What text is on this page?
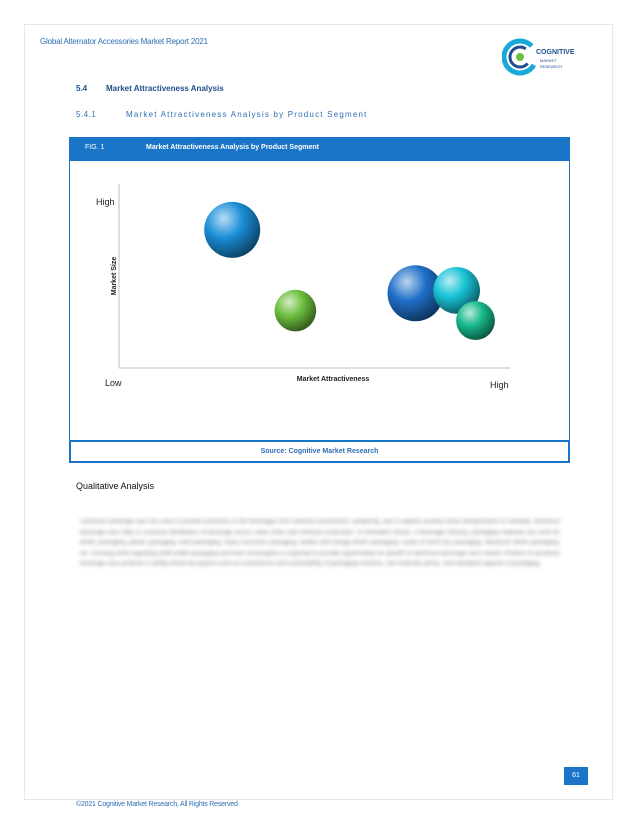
Global Alternator Accessories Market Report 2021
COGNITIVE
MARKET
RESEARCH
5.4 Market Attractiveness Analysis
5.4.1	Market Attractiveness Analysis by Product Segment
FIG. 1	Market Attractiveness Analysis by Product Segment
High
Low	High
Market Attractiveness
Market Size
Source: Cognitive Market Research
Qualitative Analysis
Aluminum beverage cans are used to provide protection to the beverages from external environment, tampering, and it supports product while transportation or handling. Aluminum beverage cans help to conserve distribution of beverage across value chain and minimize production. In laminated means, it beverage industry, packaging materials are used for drinks packaging, plastic packaging, food packaging, many consumer packaging, bottles and energy drinks packaging. Leads of drink box packaging, aluminum drinks packaging, etc. Growing trend regarding shelf-stable packaging and food consumption is expected to provide opportunities for growth of aluminum beverage cans market. Product of aluminum beverage cans products is widely driven by aspects such as convenience and sustainability of packaging solutions, raw materials prices, and standards aspects of packaging.
61
©2021 Cognitive Market Research, All Rights Reserved
